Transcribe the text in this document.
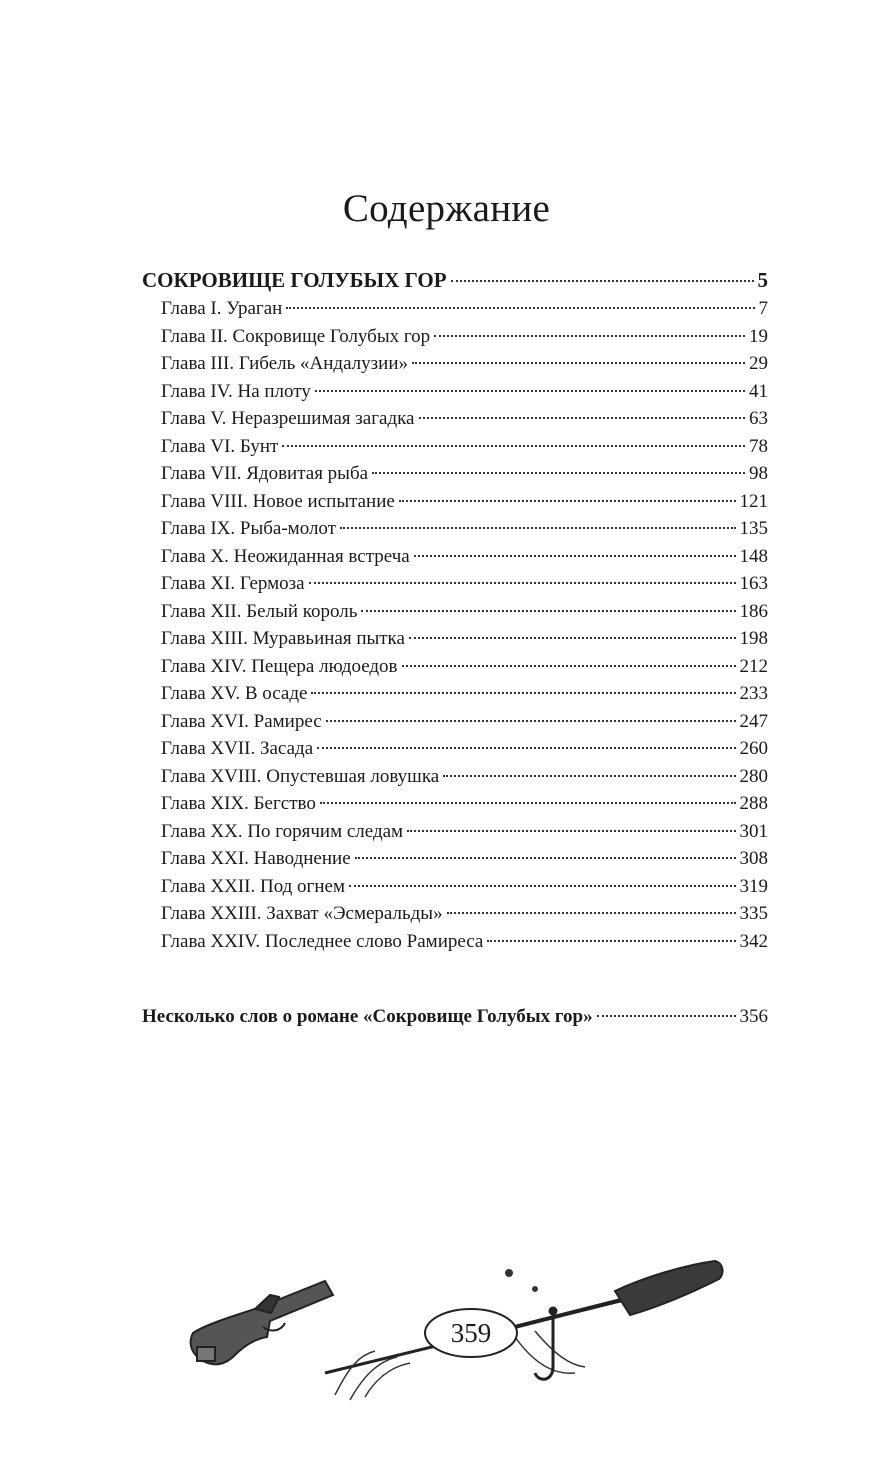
Содержание
СОКРОВИЩЕ ГОЛУБЫХ ГОР	5
Глава I. Ураган	7
Глава II. Сокровище Голубых гор	19
Глава III. Гибель «Андалузии»	29
Глава IV. На плоту	41
Глава V. Неразрешимая загадка	63
Глава VI. Бунт	78
Глава VII. Ядовитая рыба	98
Глава VIII. Новое испытание	121
Глава IX. Рыба-молот	135
Глава X. Неожиданная встреча	148
Глава XI. Гермоза	163
Глава XII. Белый король	186
Глава XIII. Муравьиная пытка	198
Глава XIV. Пещера людоедов	212
Глава XV. В осаде	233
Глава XVI. Рамирес	247
Глава XVII. Засада	260
Глава XVIII. Опустевшая ловушка	280
Глава XIX. Бегство	288
Глава XX. По горячим следам	301
Глава XXI. Наводнение	308
Глава XXII. Под огнем	319
Глава XXIII. Захват «Эсмеральды»	335
Глава XXIV. Последнее слово Рамиреса	342
Несколько слов о романе «Сокровище Голубых гор»	356
359
